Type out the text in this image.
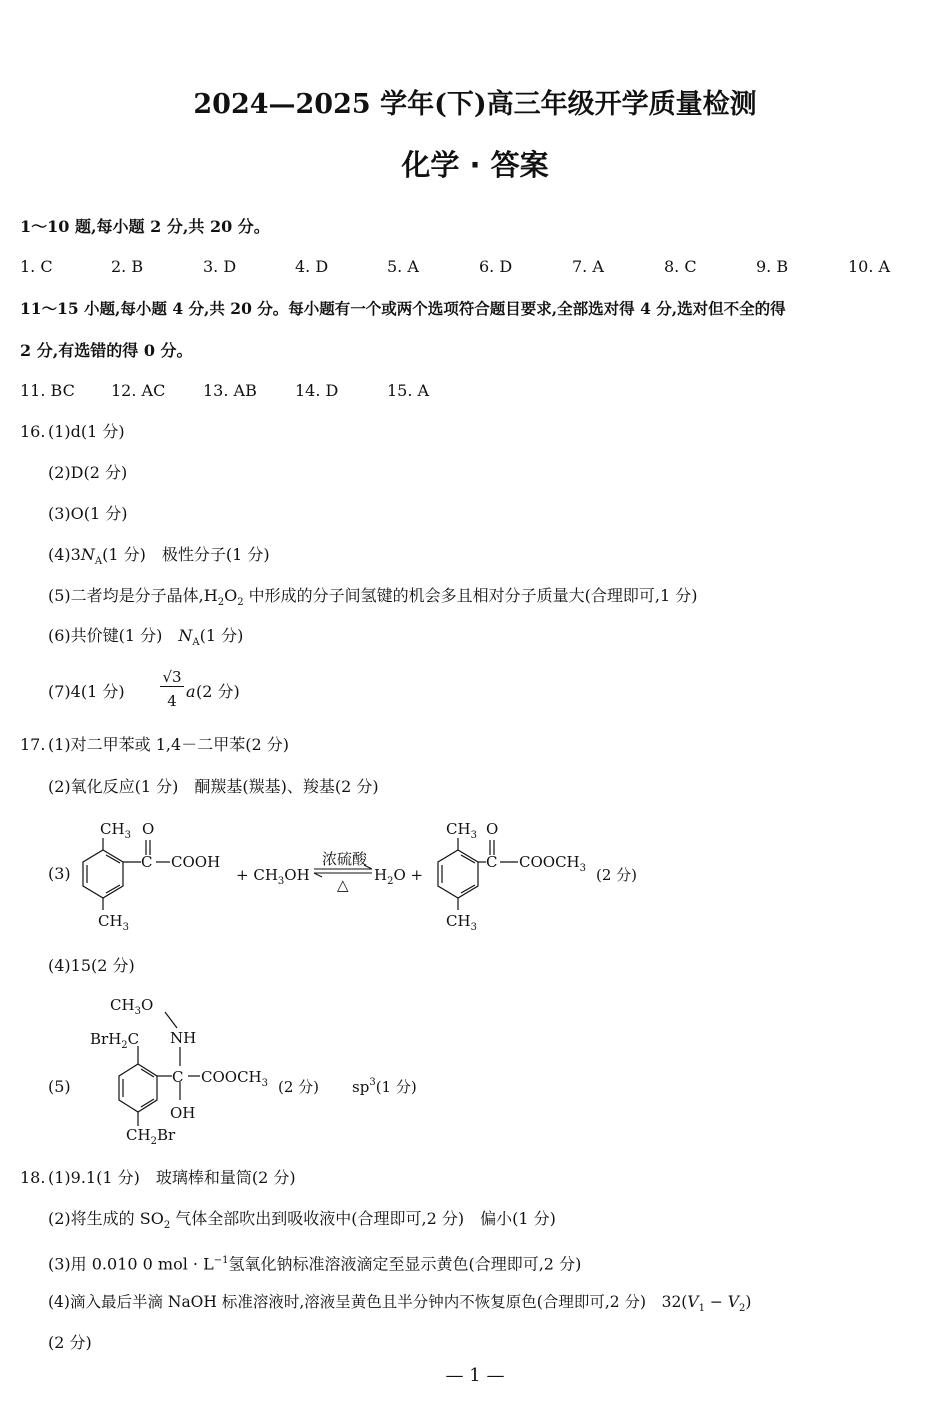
2024—2025 学年(下)高三年级开学质量检测
化学 · 答案
1～10 题,每小题 2 分,共 20 分。
1. C	2. B	3. D	4. D	5. A	6. D	7. A	8. C	9. B	10. A
11～15 小题,每小题 4 分,共 20 分。每小题有一个或两个选项符合题目要求,全部选对得 4 分,选对但不全的得
2 分,有选错的得 0 分。
11. BC 12. AC 13. AB 14. D	15. A
16. (1)d(1 分)
(2)D(2 分)
(3)O(1 分)
$(4)3N_A(1$ 分)　极性分子(1 分)
(5)二者均是分子晶体$,H_2O_2$ 中形成的分子间氢键的机会多且相对分子质量大(合理即可,1 分)
(6)共价键(1 分)　$N_A(1$ 分)
(7)4(1 分)
√3
4 a (2 分)
17. (1)对二甲苯或 1,4－二甲苯(2 分)
(2)氧化反应(1 分)　酮羰基(羰基)、羧基(2 分)
(3)
$CH_3$ O
C COOH
$CH_3$
+ $CH_3OH$
浓硫酸
△
$H_2O$ +
$CH_3$ O
C $COOCH_3$
$CH_3$
(2 分)
(4)15(2 分)
(5)
$CH_3O$
NH
BrH$_2$C
C $COOCH_3$
OH
$CH_2Br$
(2 分) $sp^3(1$ 分)
18. (1)9.1(1 分)　玻璃棒和量筒(2 分)
(2)将生成的 $SO_2$ 气体全部吹出到吸收液中(合理即可,2 分)　偏小(1 分)
(3)用 0.010 0 mol · $L^{-1}$氢氧化钠标准溶液滴定至显示黄色(合理即可,2 分)
(4)滴入最后半滴 NaOH 标准溶液时,溶液呈黄色且半分钟内不恢复原色(合理即可,2 分)　$32(V_1 - V_2)$
(2 分)
— 1 —
